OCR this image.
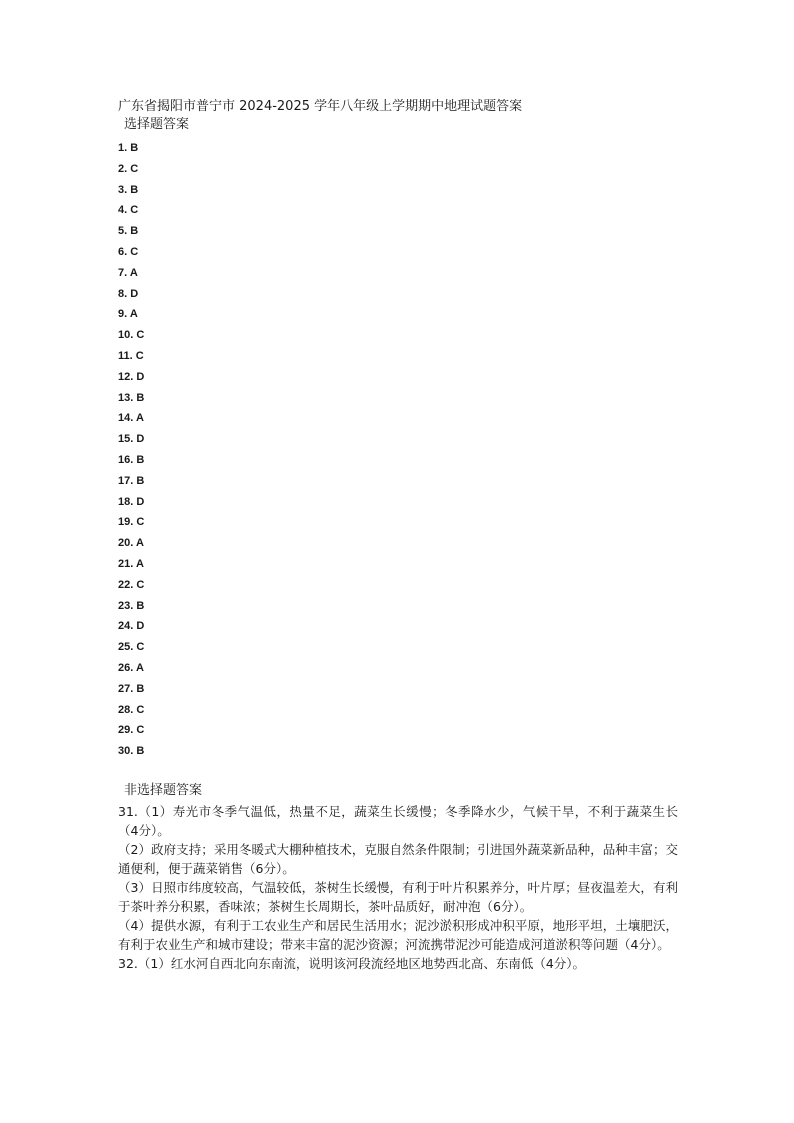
广东省揭阳市普宁市 2024-2025 学年八年级上学期期中地理试题答案
选择题答案
1. B
2. C
3. B
4. C
5. B
6. C
7. A
8. D
9. A
10. C
11. C
12. D
13. B
14. A
15. D
16. B
17. B
18. D
19. C
20. A
21. A
22. C
23. B
24. D
25. C
26. A
27. B
28. C
29. C
30. B
非选择题答案

31.（1）寿光市冬季气温低，热量不足，蔬菜生长缓慢；冬季降水少，气候干旱，不利于蔬菜生长（4分）。

（2）政府支持；采用冬暖式大棚种植技术，克服自然条件限制；引进国外蔬菜新品种，品种丰富；交通便利，便于蔬菜销售（6分）。

（3）日照市纬度较高，气温较低，茶树生长缓慢，有利于叶片积累养分，叶片厚；昼夜温差大，有利于茶叶养分积累，香味浓；茶树生长周期长，茶叶品质好，耐冲泡（6分）。

（4）提供水源，有利于工农业生产和居民生活用水；泥沙淤积形成冲积平原，地形平坦，土壤肥沃，有利于农业生产和城市建设；带来丰富的泥沙资源；河流携带泥沙可能造成河道淤积等问题（4分）。

32.（1）红水河自西北向东南流，说明该河段流经地区地势西北高、东南低（4分）。
